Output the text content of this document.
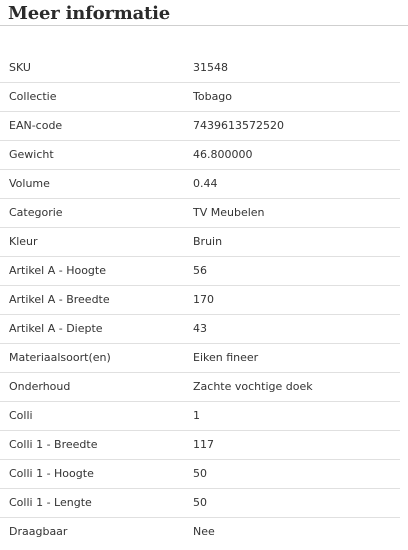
Meer informatie
SKU	31548
Collectie	Tobago
EAN-code	7439613572520
Gewicht	46.800000
Volume	0.44
Categorie	TV Meubelen
Kleur	Bruin
Artikel A - Hoogte	56
Artikel A - Breedte	170
Artikel A - Diepte	43
Materiaalsoort(en)	Eiken fineer
Onderhoud	Zachte vochtige doek
Colli	1
Colli 1 - Breedte	117
Colli 1 - Hoogte	50
Colli 1 - Lengte	50
Draagbaar	Nee
